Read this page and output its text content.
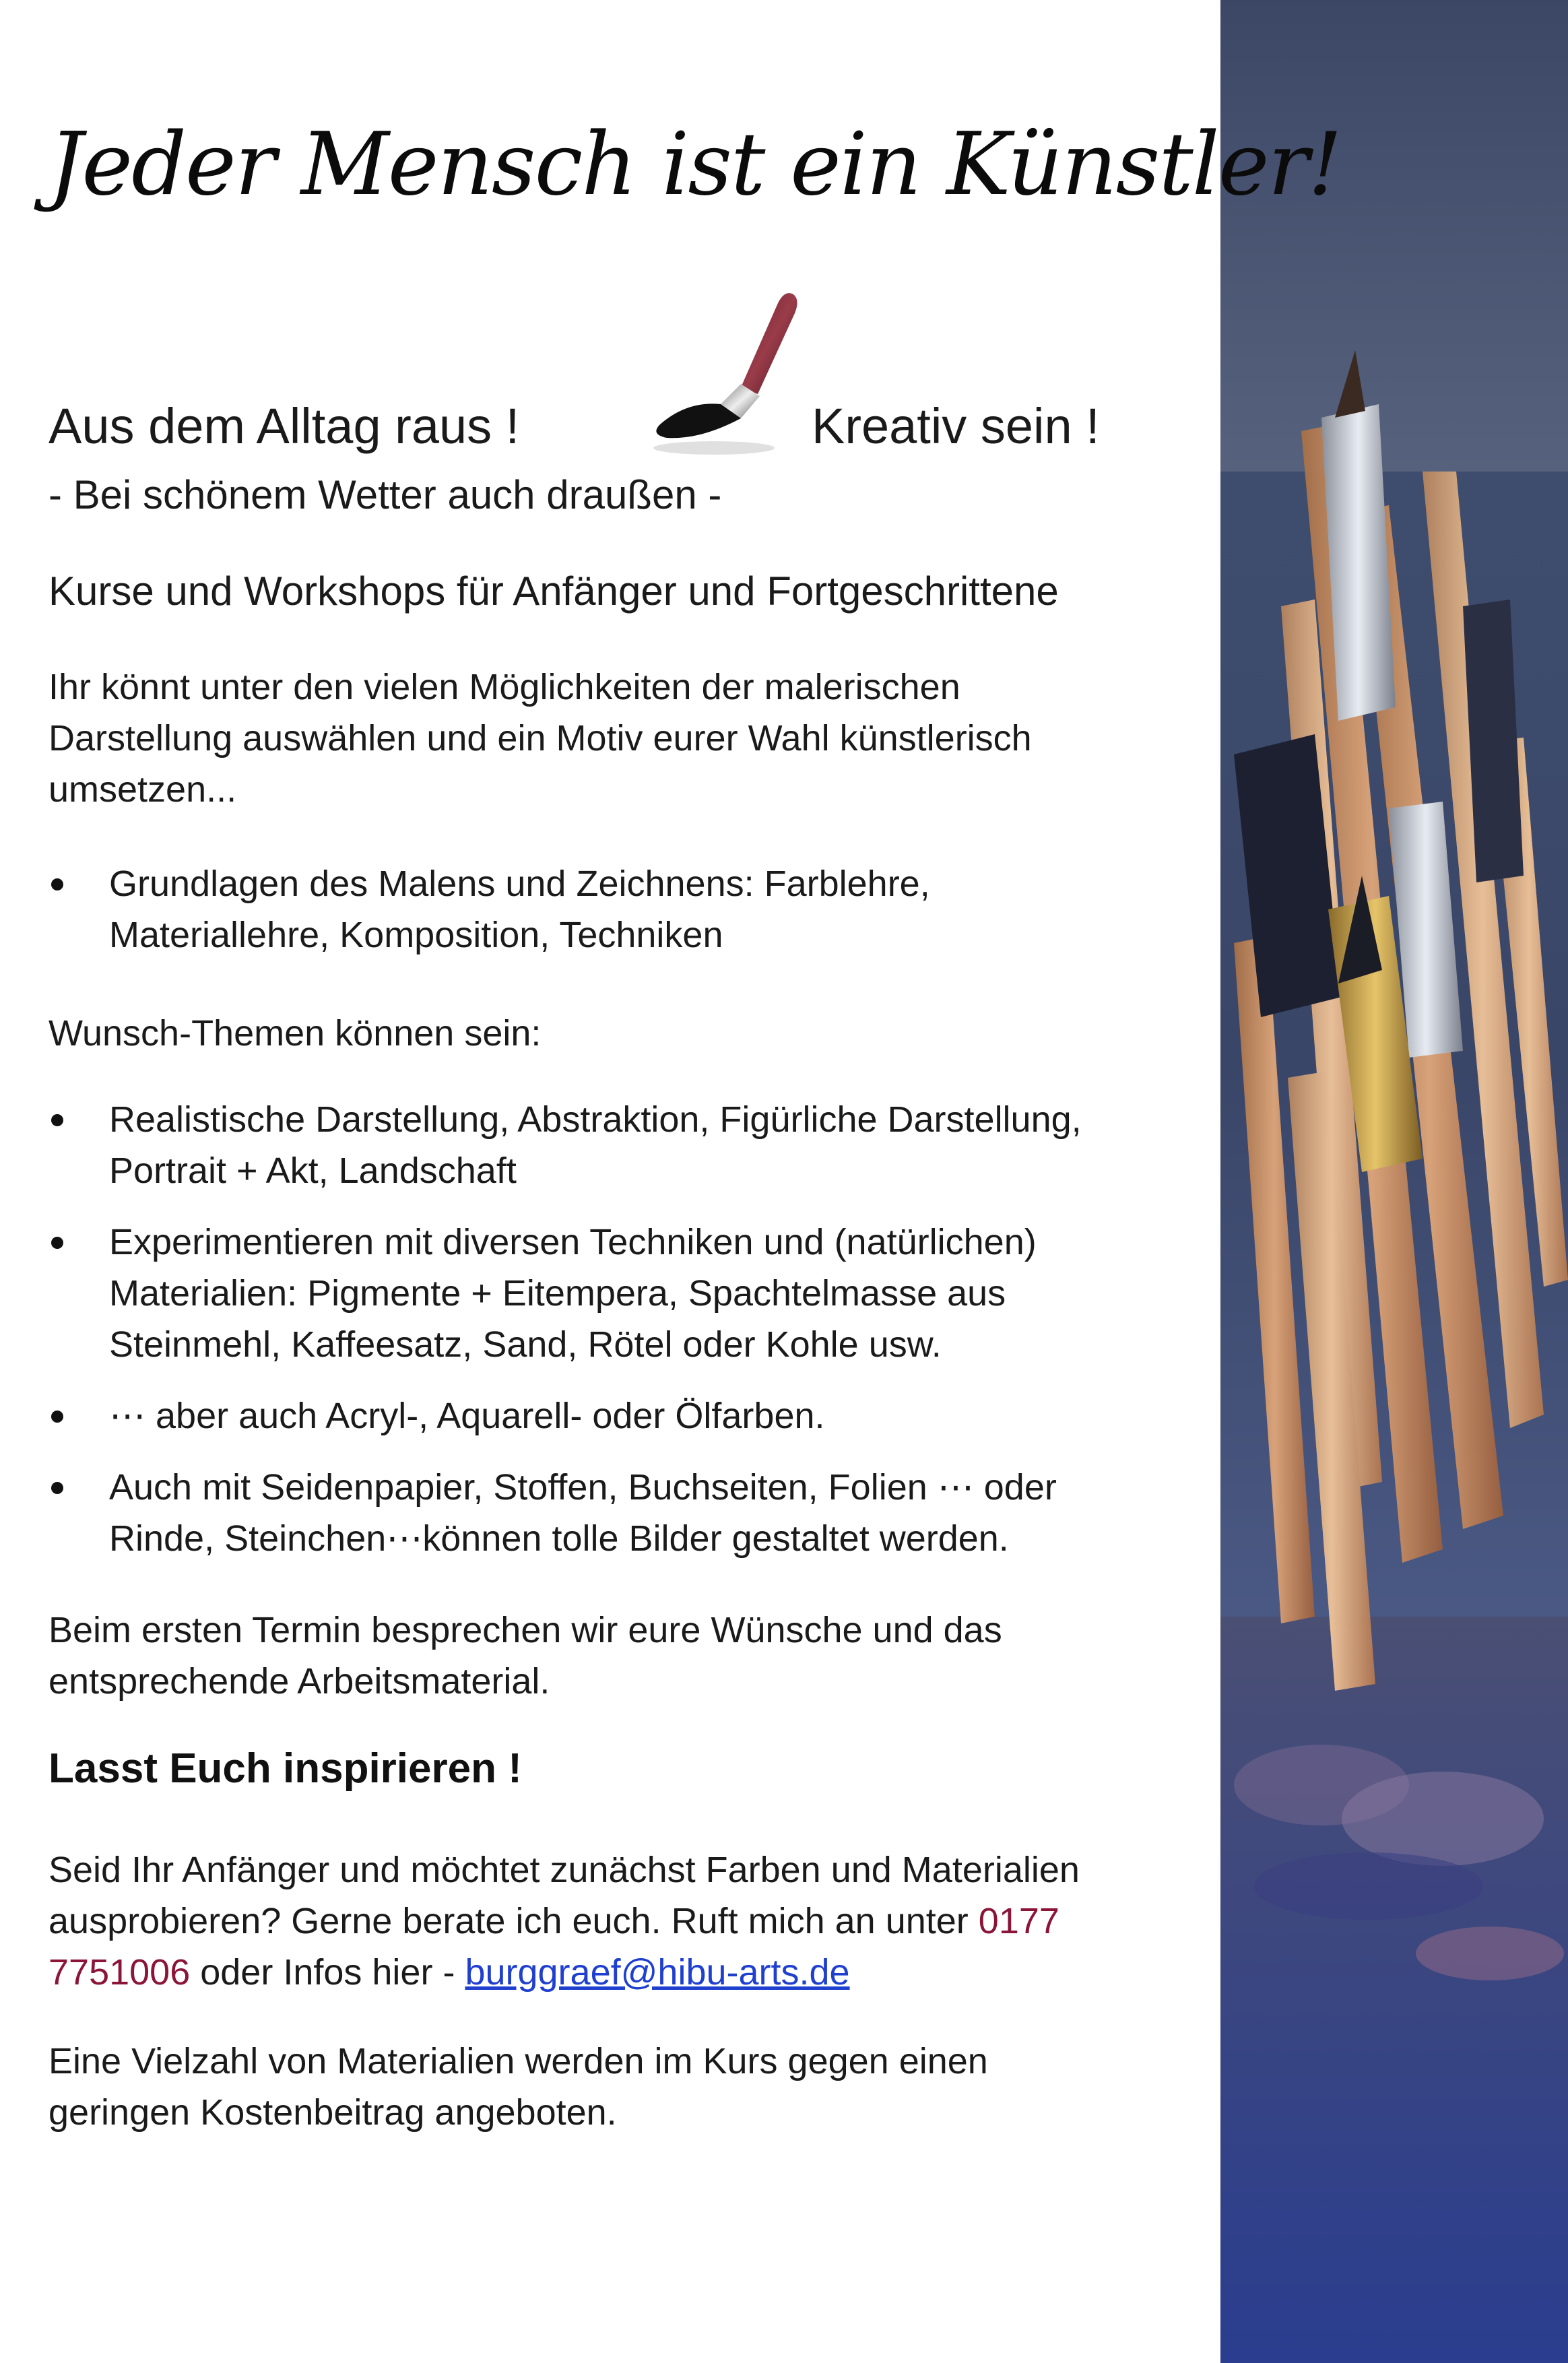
Jeder Mensch ist ein Künstler!

Aus dem Alltag raus !	Kreativ sein !

- Bei schönem Wetter auch draußen -

Kurse und Workshops für Anfänger und Fortgeschrittene

Ihr könnt unter den vielen Möglichkeiten der malerischen

Darstellung auswählen und ein Motiv eurer Wahl künstlerisch

umsetzen...

Grundlagen des Malens und Zeichnens: Farblehre,
Materiallehre, Komposition, Techniken

Wunsch-Themen können sein:

Realistische Darstellung, Abstraktion, Figürliche Darstellung,
Portrait + Akt, Landschaft
Experimentieren mit diversen Techniken und (natürlichen)
Materialien: Pigmente + Eitempera, Spachtelmasse aus
Steinmehl, Kaffeesatz, Sand, Rötel oder Kohle usw.
⋯ aber auch Acryl-, Aquarell- oder Ölfarben.
Auch mit Seidenpapier, Stoffen, Buchseiten, Folien ⋯ oder
Rinde, Steinchen⋯können tolle Bilder gestaltet werden.

Beim ersten Termin besprechen wir eure Wünsche und das

entsprechende Arbeitsmaterial.

Lasst Euch inspirieren !

Seid Ihr Anfänger und möchtet zunächst Farben und Materialien

ausprobieren? Gerne berate ich euch. Ruft mich an unter 0177

7751006 oder Infos hier - burggraef@hibu-arts.de

Eine Vielzahl von Materialien werden im Kurs gegen einen

geringen Kostenbeitrag angeboten.
